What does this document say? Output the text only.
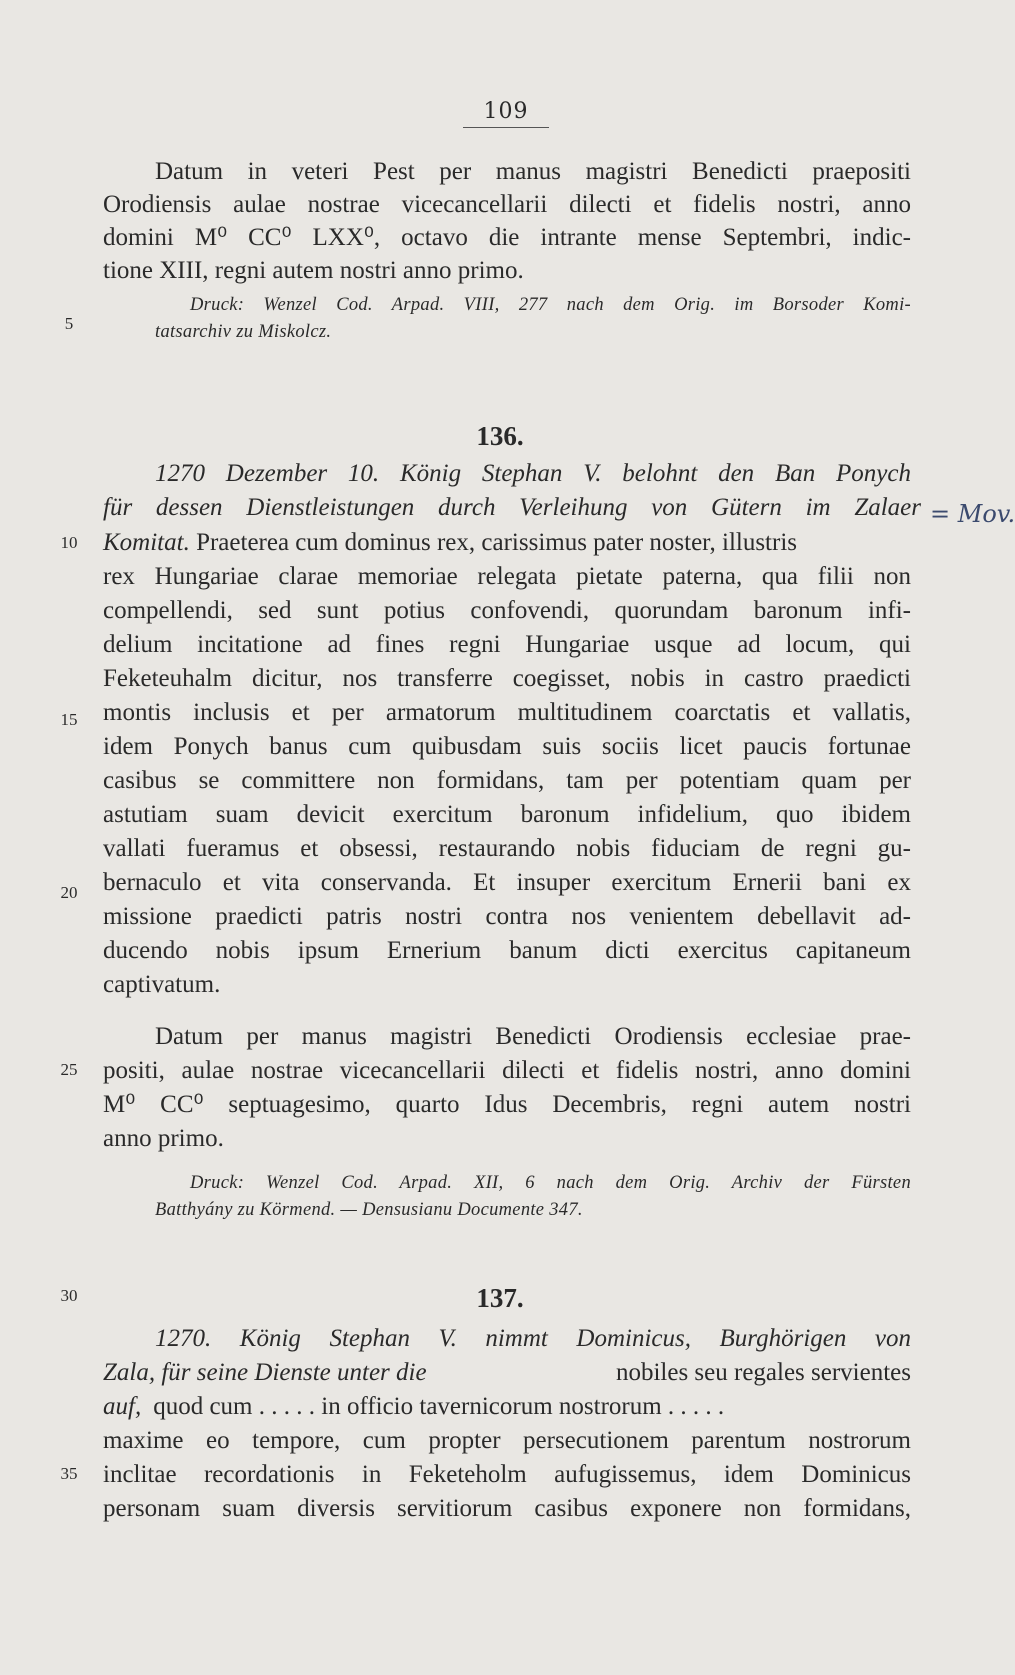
109
Datum in veteri Pest per manus magistri Benedicti praepositi
Orodiensis aulae nostrae vicecancellarii dilecti et fidelis nostri, anno
domini M⁰ CC⁰ LXX⁰, octavo die intrante mense Septembri, indic-
tione XIII, regni autem nostri anno primo.
Druck: Wenzel Cod. Arpad. VIII, 277 nach dem Orig. im Borsoder Komi-
tatsarchiv zu Miskolcz.
136.
1270 Dezember 10. König Stephan V. belohnt den Ban Ponych
für dessen Dienstleistungen durch Verleihung von Gütern im Zalaer
Komitat. Praeterea cum dominus rex, carissimus pater noster, illustris
rex Hungariae clarae memoriae relegata pietate paterna, qua filii non
compellendi, sed sunt potius confovendi, quorundam baronum infi-
delium incitatione ad fines regni Hungariae usque ad locum, qui
Feketeuhalm dicitur, nos transferre coegisset, nobis in castro praedicti
montis inclusis et per armatorum multitudinem coarctatis et vallatis,
idem Ponych banus cum quibusdam suis sociis licet paucis fortunae
casibus se committere non formidans, tam per potentiam quam per
astutiam suam devicit exercitum baronum infidelium, quo ibidem
vallati fueramus et obsessi, restaurando nobis fiduciam de regni gu-
bernaculo et vita conservanda. Et insuper exercitum Ernerii bani ex
missione praedicti patris nostri contra nos venientem debellavit ad-
ducendo nobis ipsum Ernerium banum dicti exercitus capitaneum
captivatum.
Datum per manus magistri Benedicti Orodiensis ecclesiae prae-
positi, aulae nostrae vicecancellarii dilecti et fidelis nostri, anno domini
M⁰ CC⁰ septuagesimo, quarto Idus Decembris, regni autem nostri
anno primo.
Druck: Wenzel Cod. Arpad. XII, 6 nach dem Orig. Archiv der Fürsten
Batthyány zu Körmend. — Densusianu Documente 347.
137.
1270. König Stephan V. nimmt Dominicus, Burghörigen von
Zala, für seine Dienste unter die	nobiles seu regales servientes
auf, quod cum . . . . . in officio tavernicorum nostrorum . . . . .
maxime eo tempore, cum propter persecutionem parentum nostrorum
inclitae recordationis in Feketeholm aufugissemus, idem Dominicus
personam suam diversis servitiorum casibus exponere non formidans,
5
10
15
20
25
30
35
= Mov.
